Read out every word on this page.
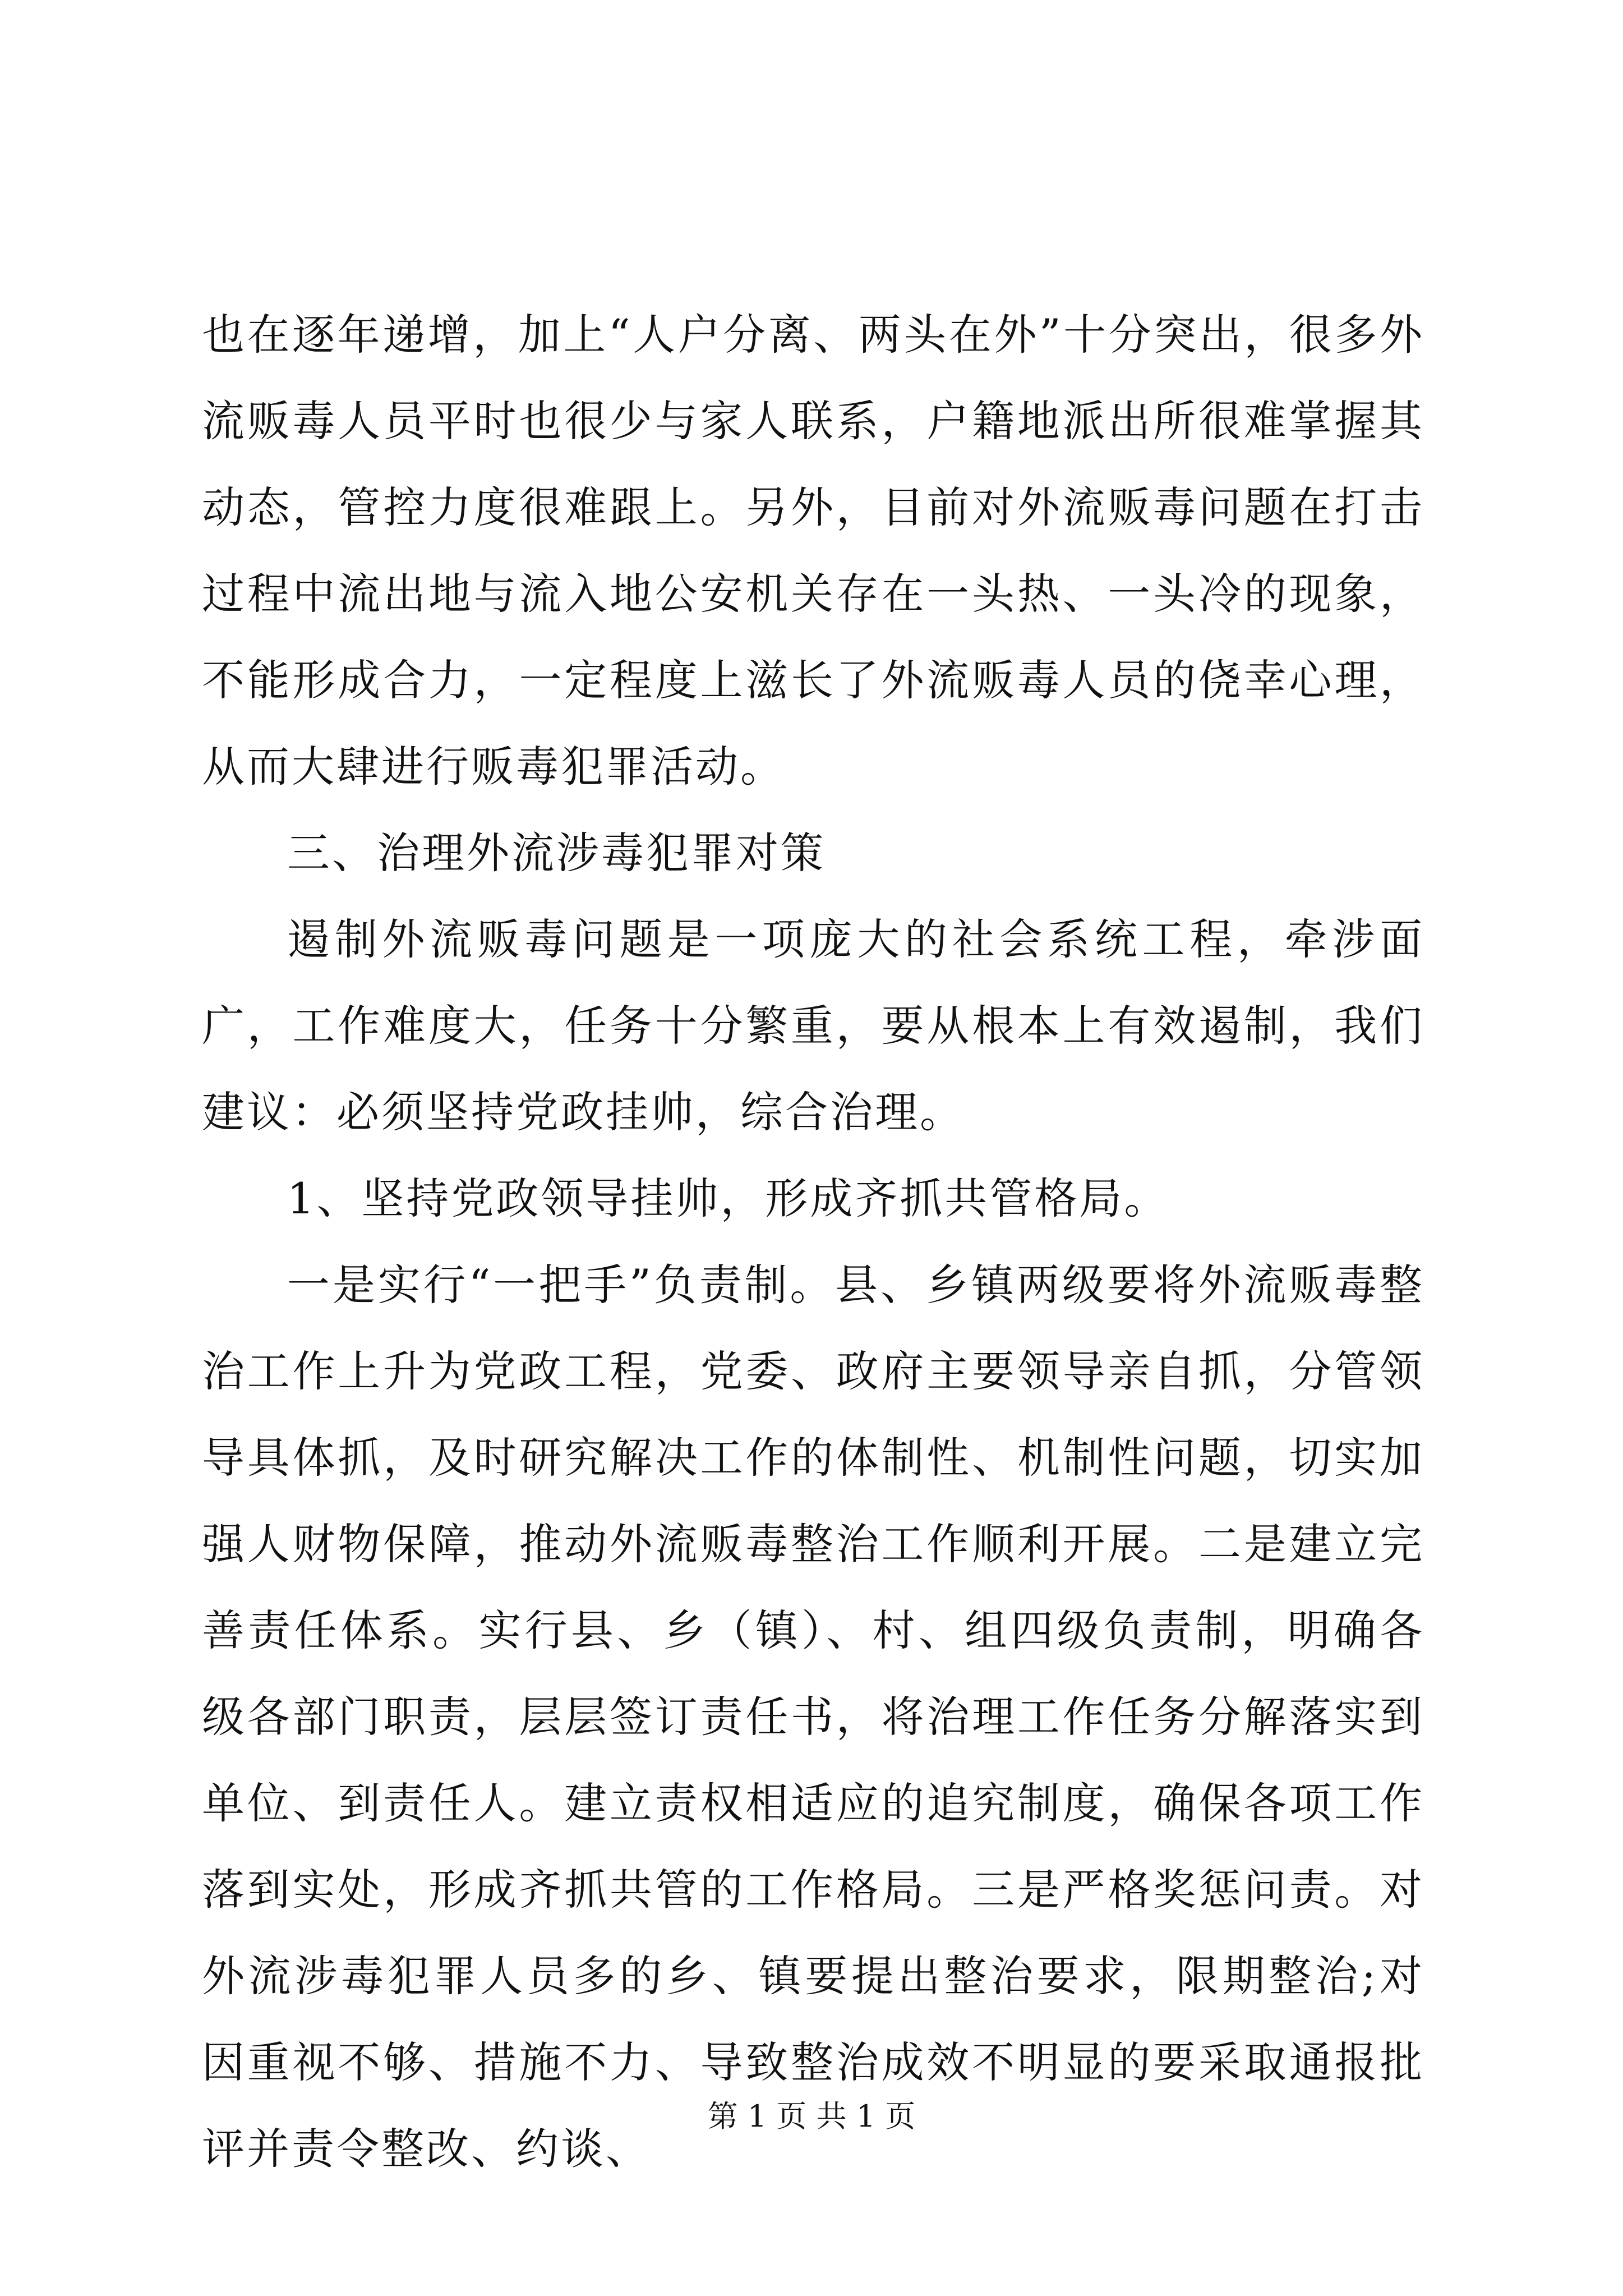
也在逐年递增，加上“人户分离、两头在外”十分突出，很多外流贩毒人员平时也很少与家人联系，户籍地派出所很难掌握其动态，管控力度很难跟上。另外，目前对外流贩毒问题在打击过程中流出地与流入地公安机关存在一头热、一头冷的现象，不能形成合力，一定程度上滋长了外流贩毒人员的侥幸心理，从而大肆进行贩毒犯罪活动。

三、治理外流涉毒犯罪对策

遏制外流贩毒问题是一项庞大的社会系统工程，牵涉面广，工作难度大，任务十分繁重，要从根本上有效遏制，我们建议：必须坚持党政挂帅，综合治理。

1、坚持党政领导挂帅，形成齐抓共管格局。

一是实行“一把手”负责制。县、乡镇两级要将外流贩毒整治工作上升为党政工程，党委、政府主要领导亲自抓，分管领导具体抓，及时研究解决工作的体制性、机制性问题，切实加强人财物保障，推动外流贩毒整治工作顺利开展。二是建立完善责任体系。实行县、乡（镇）、村、组四级负责制，明确各级各部门职责，层层签订责任书，将治理工作任务分解落实到单位、到责任人。建立责权相适应的追究制度，确保各项工作落到实处，形成齐抓共管的工作格局。三是严格奖惩问责。对外流涉毒犯罪人员多的乡、镇要提出整治要求，限期整治;对因重视不够、措施不力、导致整治成效不明显的要采取通报批评并责令整改、约谈、

第 1 页 共 1 页
